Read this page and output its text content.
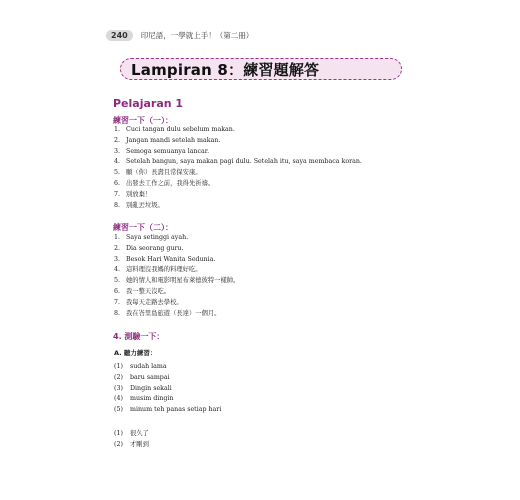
240	印尼語，一學就上手！（第二冊）
Lampiran 8：練習題解答
Pelajaran 1
練習一下（一）：
1. Cuci tangan dulu sebelum makan.
2. Jangan mandi setelah makan.
3. Semoga semuanya lancar.
4. Setelah bangun, saya makan pagi dulu. Setelah itu, saya membaca koran.
5. 願（你）長壽且常保安康。
6. 出發去工作之前，我得先祈禱。
7. 別放棄！
8. 別亂丟垃圾。
練習一下（二）：
1. Saya setinggi ayah.
2. Dia seorang guru.
3. Besok Hari Wanita Sedunia.
4. 這料理沒我媽的料理好吃。
5. 她的情人和電影明星布萊德彼特一樣帥。
6. 我一整天沒吃。
7. 我每天走路去學校。
8. 我在峇里島旅遊（長達）一個月。
4. 測驗一下：
A. 聽力練習：
(1) sudah lama
(2) baru sampai
(3) Dingin sekali
(4) musim dingin
(5) minum teh panas setiap hari
(1) 很久了
(2) 才剛到
